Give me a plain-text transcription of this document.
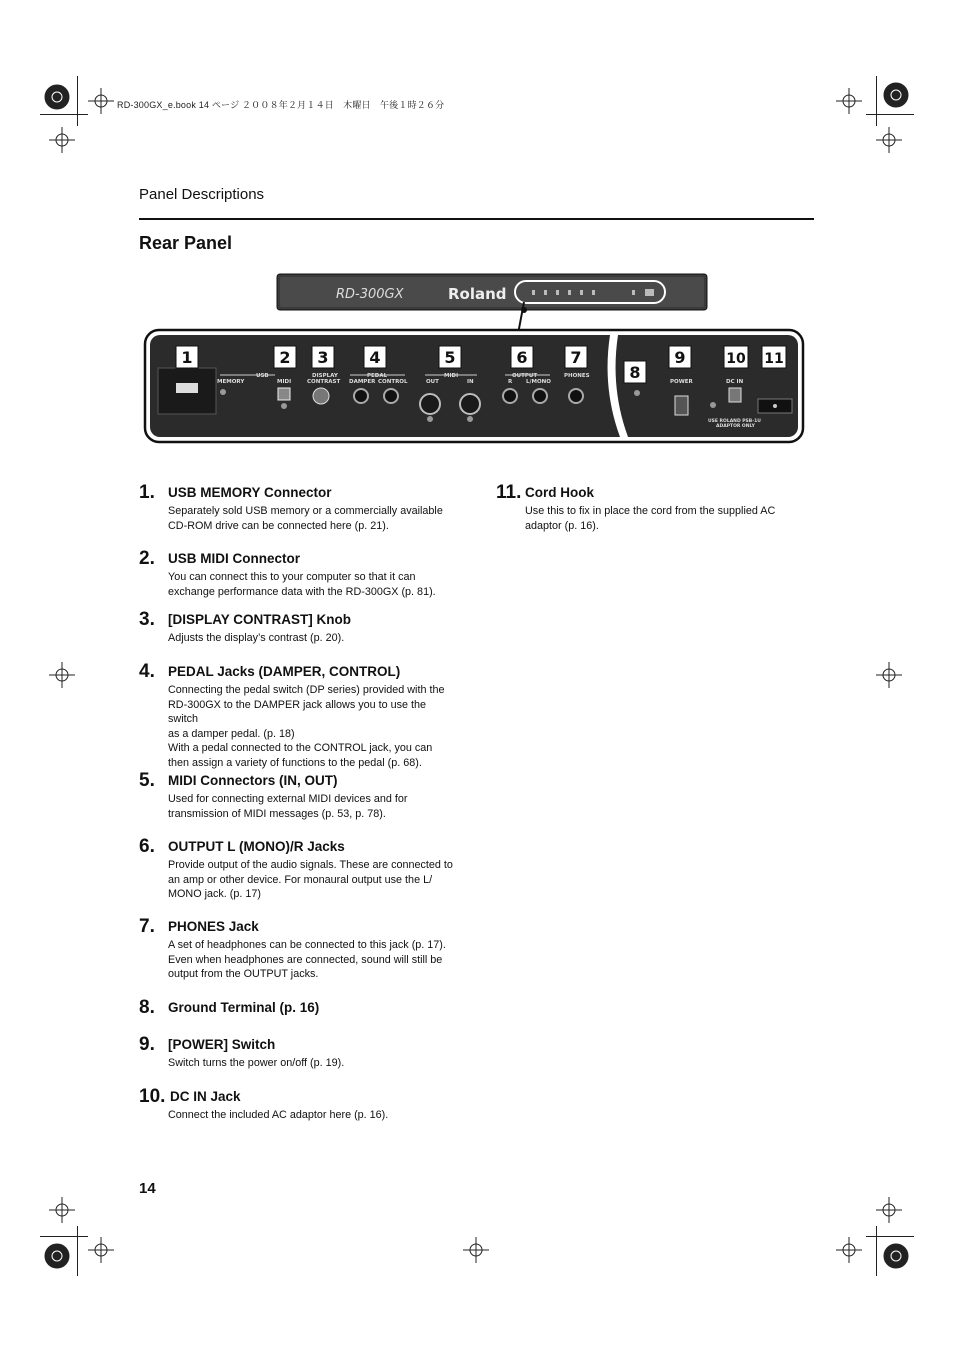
RD-300GX_e.book 14 ページ ２００８年２月１４日　木曜日　午後１時２６分
Panel Descriptions
Rear Panel
RD-300GX	Roland
USB
MEMORY	MIDI
DISPLAY
CONTRAST
PEDAL
DAMPER CONTROL
MIDI
OUT	IN
OUTPUT
R	L/MONO
PHONES
POWER	DC IN
USE ROLAND PSB-1U
ADAPTOR ONLY
1	2 3	4	5	6	7
8
9	10 11
1. USB MEMORY Connector
Separately sold USB memory or a commercially available
CD-ROM drive can be connected here (p. 21).
2. USB MIDI Connector
You can connect this to your computer so that it can
exchange performance data with the RD-300GX (p. 81).
3. [DISPLAY CONTRAST] Knob
Adjusts the display’s contrast (p. 20).
4. PEDAL Jacks (DAMPER, CONTROL)
Connecting the pedal switch (DP series) provided with the
RD-300GX to the DAMPER jack allows you to use the switch
as a damper pedal. (p. 18)
With a pedal connected to the CONTROL jack, you can
then assign a variety of functions to the pedal (p. 68).
5. MIDI Connectors (IN, OUT)
Used for connecting external MIDI devices and for
transmission of MIDI messages (p. 53, p. 78).
6. OUTPUT L (MONO)/R Jacks
Provide output of the audio signals. These are connected to
an amp or other device. For monaural output use the L/
MONO jack. (p. 17)
7. PHONES Jack
A set of headphones can be connected to this jack (p. 17).
Even when headphones are connected, sound will still be
output from the OUTPUT jacks.
8. Ground Terminal (p. 16)
9. [POWER] Switch
Switch turns the power on/off (p. 19).
10. DC IN Jack
Connect the included AC adaptor here (p. 16).
11. Cord Hook
Use this to fix in place the cord from the supplied AC
adaptor (p. 16).
14
